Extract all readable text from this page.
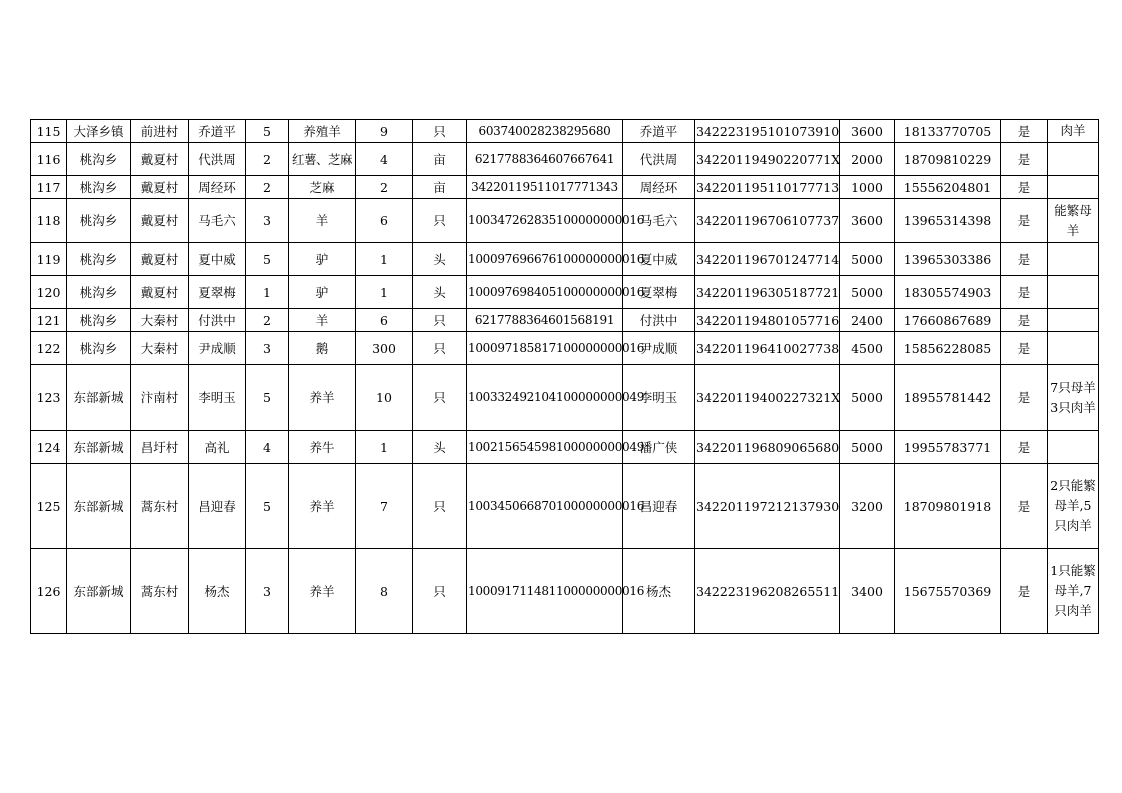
115	大泽乡镇	前进村	乔道平	5	养殖羊	9	只	603740028238295680	乔道平	342223195101073910	3600	18133770705	是	肉羊
116	桃沟乡	戴夏村	代洪周	2	红薯、芝麻	4	亩	6217788364607667641	代洪周	34220119490220771X	2000	18709810229	是	
117	桃沟乡	戴夏村	周经环	2	芝麻	2	亩	34220119511017771343	周经环	342201195110177713	1000	15556204801	是	
118	桃沟乡	戴夏村	马毛六	3	羊	6	只	100347262835100000000016	马毛六	342201196706107737	3600	13965314398	是	能繁母羊
119	桃沟乡	戴夏村	夏中威	5	驴	1	头	100097696676100000000016	夏中威	342201196701247714	5000	13965303386	是	
120	桃沟乡	戴夏村	夏翠梅	1	驴	1	头	100097698405100000000016	夏翠梅	342201196305187721	5000	18305574903	是	
121	桃沟乡	大秦村	付洪中	2	羊	6	只	6217788364601568191	付洪中	342201194801057716	2400	17660867689	是	
122	桃沟乡	大秦村	尹成顺	3	鹅	300	只	100097185817100000000016	尹成顺	342201196410027738	4500	15856228085	是	
123	东部新城	汴南村	李明玉	5	养羊	10	只	100332492104100000000049	李明玉	34220119400227321X	5000	18955781442	是	7只母羊3只肉羊
124	东部新城	昌圩村	高礼	4	养牛	1	头	100215654598100000000049	潘广侠	342201196809065680	5000	19955783771	是	
125	东部新城	蒿东村	昌迎春	5	养羊	7	只	100345066870100000000016	昌迎春	342201197212137930	3200	18709801918	是	2只能繁母羊,5只肉羊
126	东部新城	蒿东村	杨杰	3	养羊	8	只	100091711481100000000016	杨杰	342223196208265511	3400	15675570369	是	1只能繁母羊,7只肉羊
